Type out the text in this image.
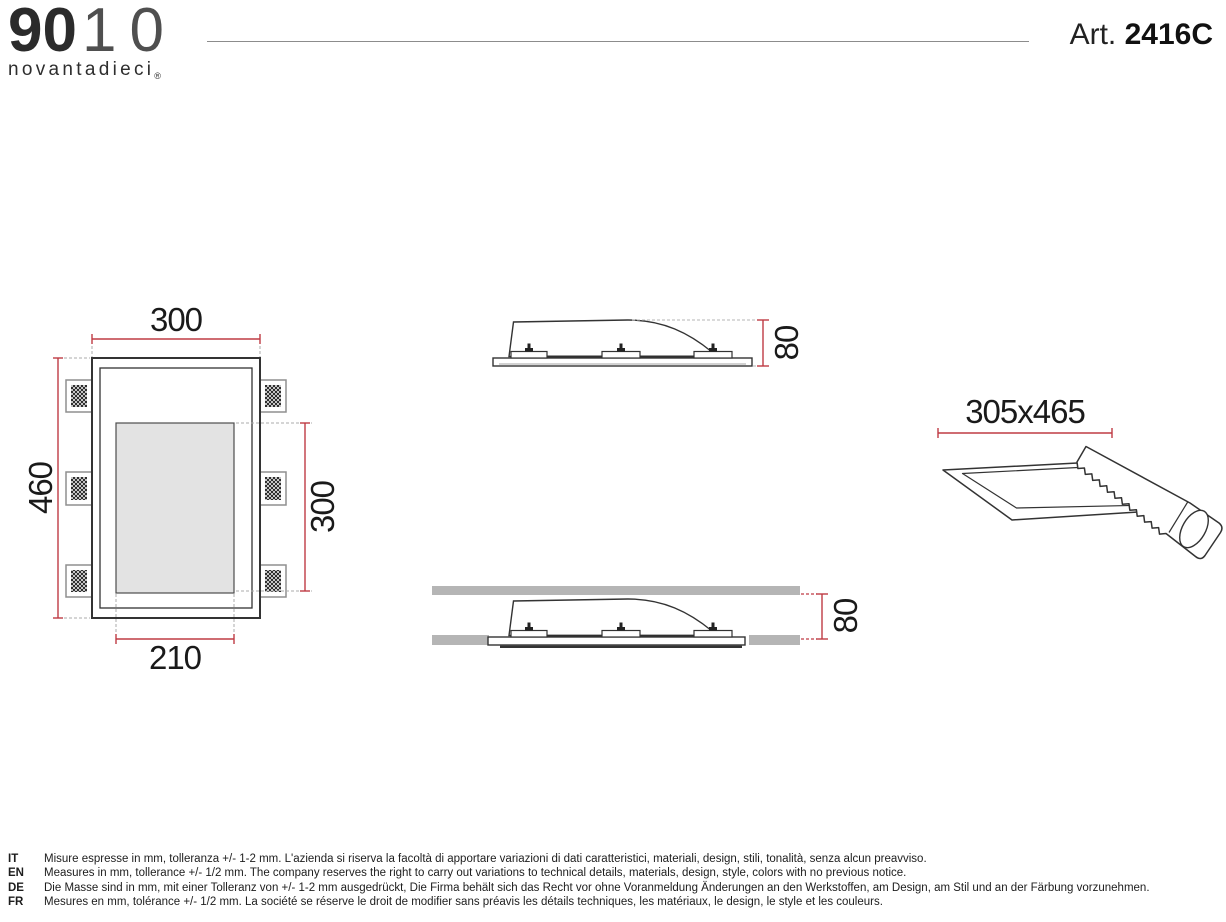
9010
novantadieci$_®$
Art. 2416C
300
460
210
300
80
80
305x465
IT	Misure espresse in mm, tolleranza +/- 1-2 mm. L'azienda si riserva la facoltà di apportare variazioni di dati caratteristici, materiali, design, stili, tonalità, senza alcun preavviso.
EN	Measures in mm, tollerance +/- 1/2 mm. The company reserves the right to carry out variations to technical details, materials, design, style, colors with no previous notice.
DE	Die Masse sind in mm, mit einer Tolleranz von +/- 1-2 mm ausgedrückt, Die Firma behält sich das Recht vor ohne Voranmeldung Änderungen an den Werkstoffen, am Design, am Stil und an der Färbung vorzunehmen.
FR	Mesures en mm, tolérance +/- 1/2 mm. La société se réserve le droit de modifier sans préavis les détails techniques, les matériaux, le design, le style et les couleurs.
